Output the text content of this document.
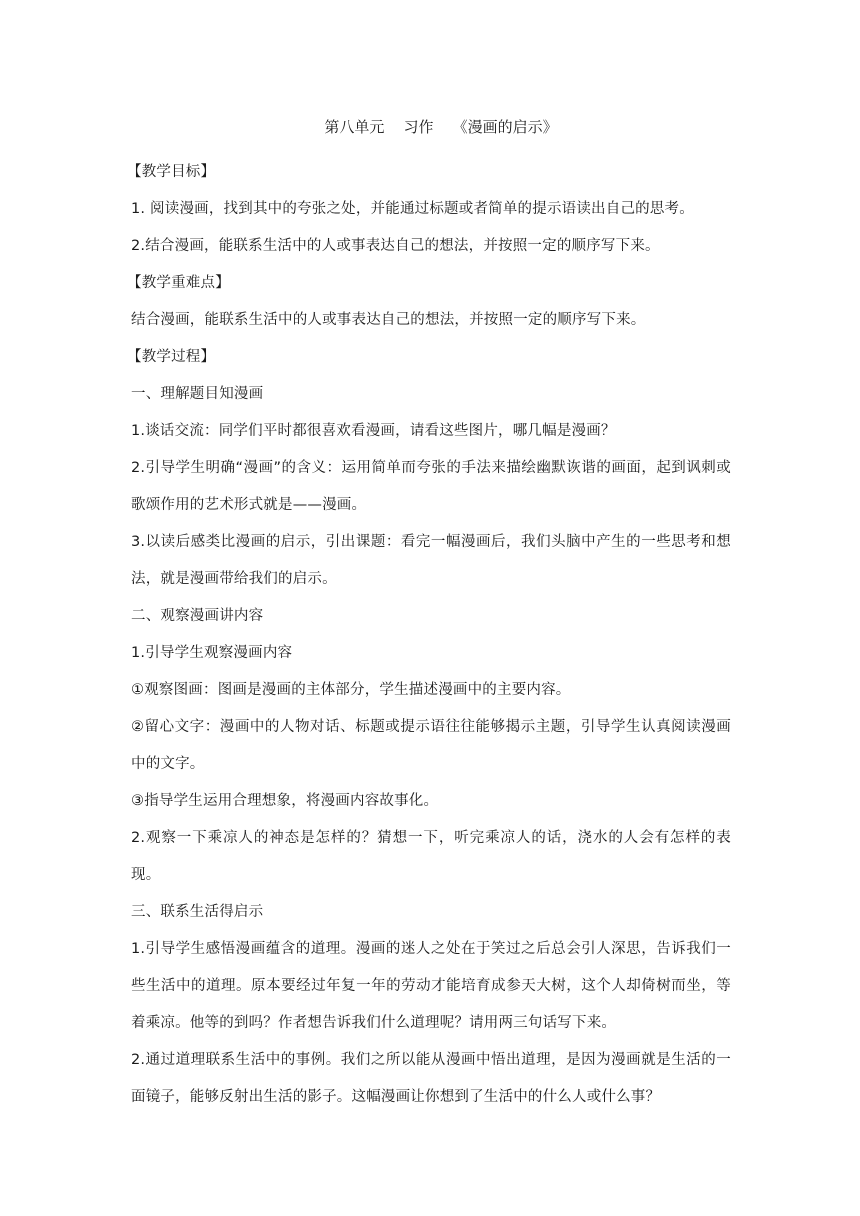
第八单元    习作    《漫画的启示》

【教学目标】

1. 阅读漫画，找到其中的夸张之处，并能通过标题或者简单的提示语读出自己的思考。

2.结合漫画，能联系生活中的人或事表达自己的想法，并按照一定的顺序写下来。

【教学重难点】

结合漫画，能联系生活中的人或事表达自己的想法，并按照一定的顺序写下来。

【教学过程】

一、理解题目知漫画

1.谈话交流：同学们平时都很喜欢看漫画，请看这些图片，哪几幅是漫画？

2.引导学生明确“漫画”的含义：运用简单而夸张的手法来描绘幽默诙谐的画面，起到讽刺或歌颂作用的艺术形式就是——漫画。

3.以读后感类比漫画的启示，引出课题：看完一幅漫画后，我们头脑中产生的一些思考和想法，就是漫画带给我们的启示。

二、观察漫画讲内容

1.引导学生观察漫画内容

①观察图画：图画是漫画的主体部分，学生描述漫画中的主要内容。

②留心文字：漫画中的人物对话、标题或提示语往往能够揭示主题，引导学生认真阅读漫画中的文字。

③指导学生运用合理想象，将漫画内容故事化。

2.观察一下乘凉人的神态是怎样的？猜想一下，听完乘凉人的话，浇水的人会有怎样的表现。

三、联系生活得启示

1.引导学生感悟漫画蕴含的道理。漫画的迷人之处在于笑过之后总会引人深思，告诉我们一些生活中的道理。原本要经过年复一年的劳动才能培育成参天大树，这个人却倚树而坐，等着乘凉。他等的到吗？作者想告诉我们什么道理呢？请用两三句话写下来。

2.通过道理联系生活中的事例。我们之所以能从漫画中悟出道理，是因为漫画就是生活的一面镜子，能够反射出生活的影子。这幅漫画让你想到了生活中的什么人或什么事？
